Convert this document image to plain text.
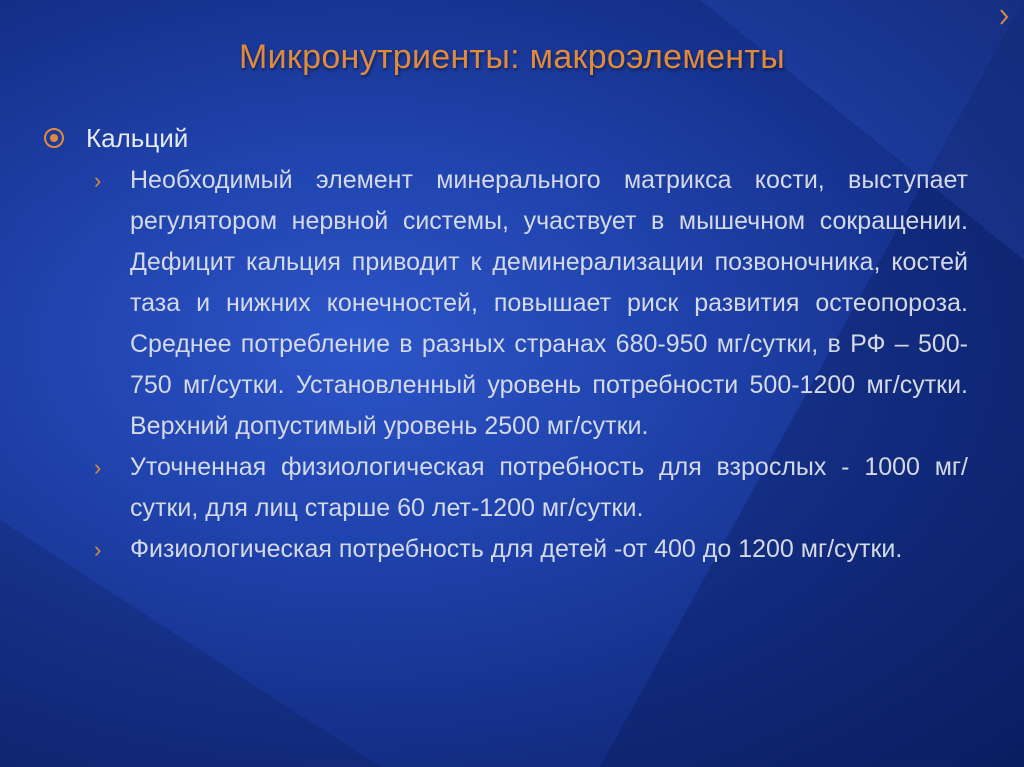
Микронутриенты: макроэлементы
Кальций
›	Необходимый элемент минерального матрикса кости, выступает регулятором нервной системы, участвует в мышечном сокращении. Дефицит кальция приводит к деминерализации позвоночника, костей таза и нижних конечностей, повышает риск развития остеопороза. Среднее потребление в разных странах 680-950 мг/сутки, в РФ – 500-750 мг/сутки. Установленный уровень потребности 500-1200 мг/сутки. Верхний допустимый уровень 2500 мг/сутки.
›	Уточненная физиологическая потребность для взрослых - 1000 мг/сутки, для лиц старше 60 лет-1200 мг/сутки.
›	Физиологическая потребность для детей -от 400 до 1200 мг/сутки.
